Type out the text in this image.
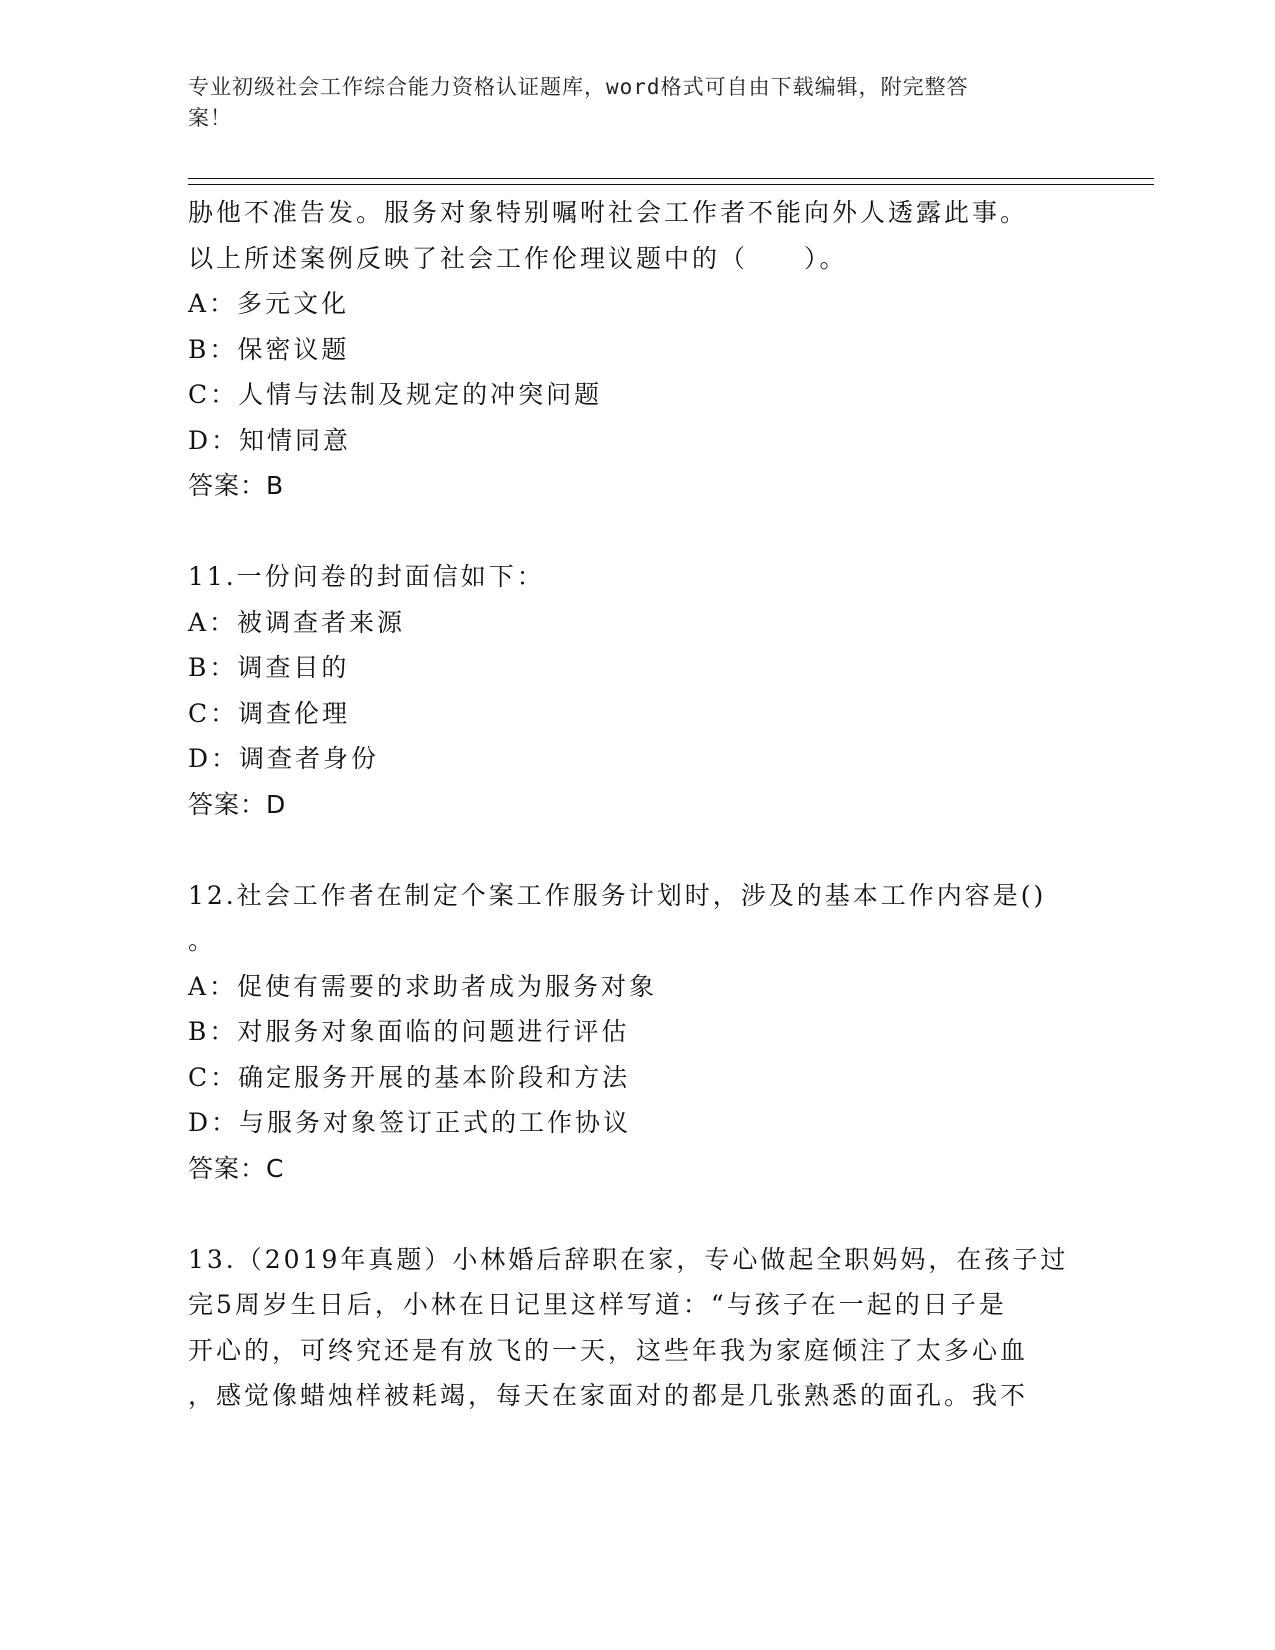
专业初级社会工作综合能力资格认证题库，word格式可自由下载编辑，附完整答
案！
胁他不准告发。服务对象特别嘱咐社会工作者不能向外人透露此事。
以上所述案例反映了社会工作伦理议题中的（　　）。
A：多元文化
B：保密议题
C：人情与法制及规定的冲突问题
D：知情同意
答案：B
11.一份问卷的封面信如下：
A：被调查者来源
B：调查目的
C：调查伦理
D：调查者身份
答案：D
12.社会工作者在制定个案工作服务计划时，涉及的基本工作内容是()
。
A：促使有需要的求助者成为服务对象
B：对服务对象面临的问题进行评估
C：确定服务开展的基本阶段和方法
D：与服务对象签订正式的工作协议
答案：C
13.（2019年真题）小林婚后辞职在家，专心做起全职妈妈，在孩子过
完5周岁生日后，小林在日记里这样写道：“与孩子在一起的日子是
开心的，可终究还是有放飞的一天，这些年我为家庭倾注了太多心血
，感觉像蜡烛样被耗竭，每天在家面对的都是几张熟悉的面孔。我不
